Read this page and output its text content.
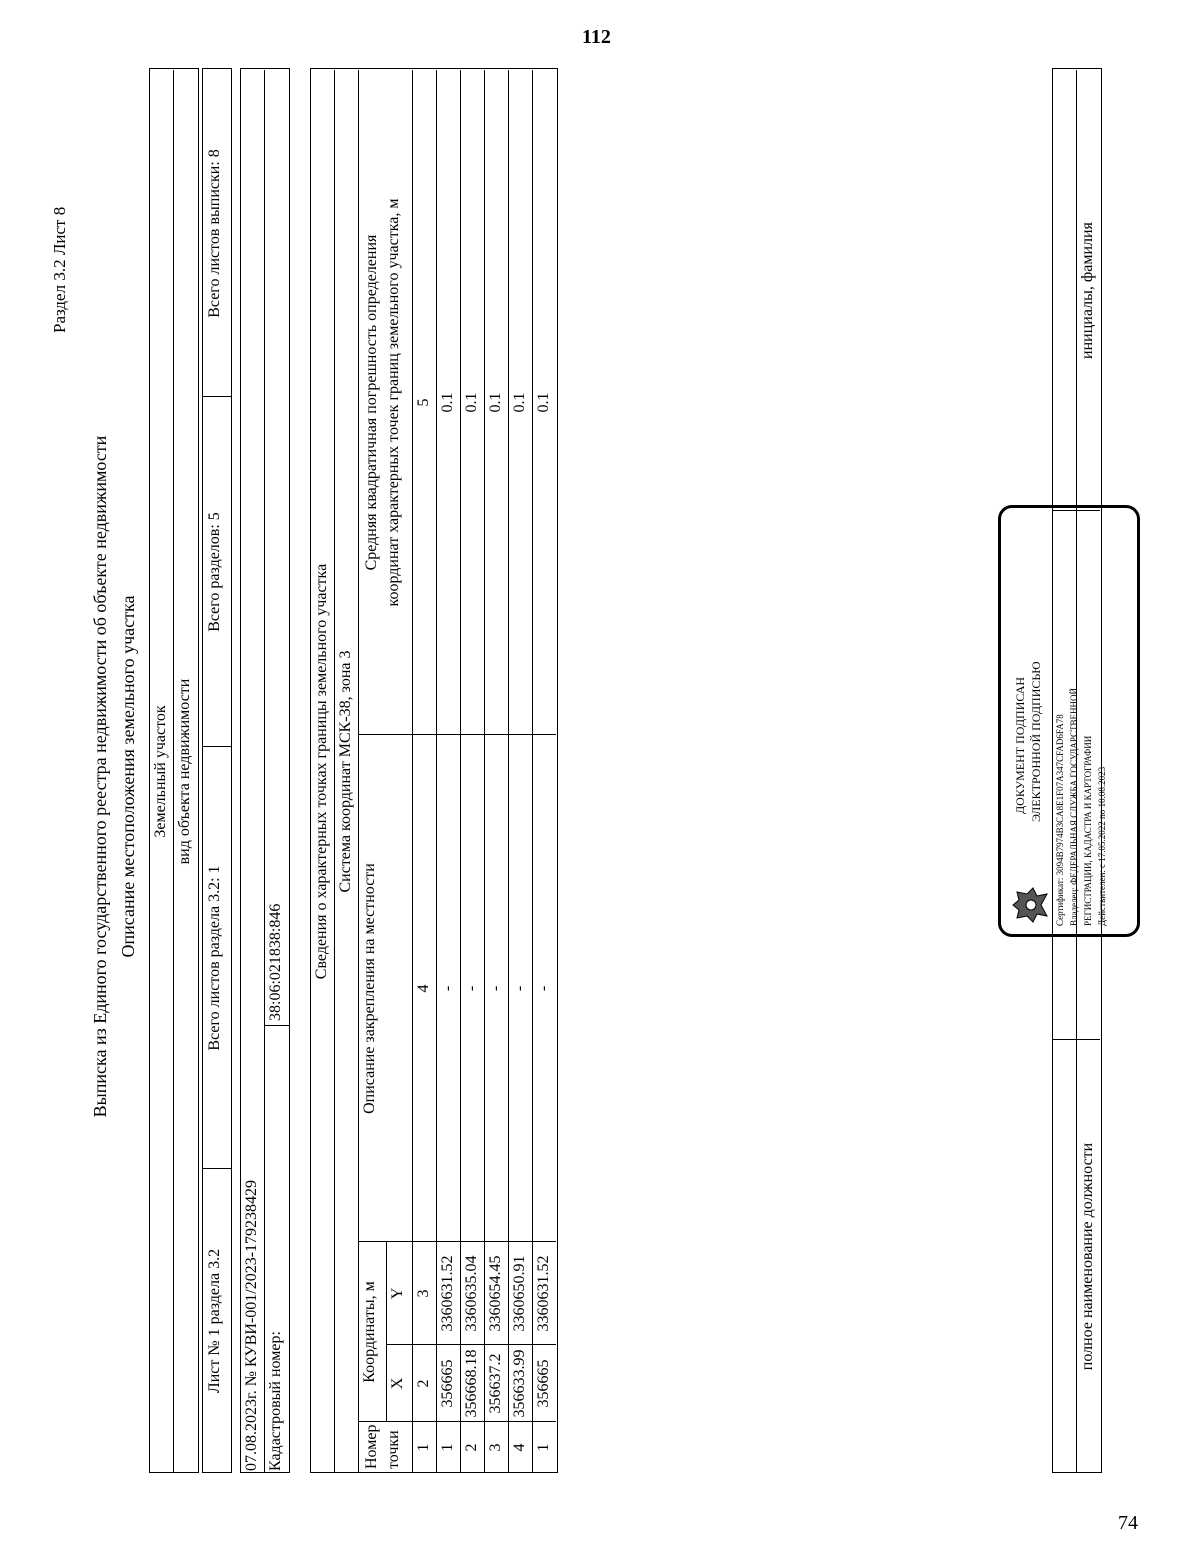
112
74
Раздел 3.2 Лист 8
Выписка из Единого государственного реестра недвижимости об объекте недвижимости Описание местоположения земельного участка Земельный участок вид объекта недвижимости
Лист № 1 раздела 3.2
Всего листов раздела 3.2: 1
Всего разделов: 5
Всего листов выписки: 8
07.08.2023г. № КУВИ-001/2023-179238429 Кадастровый номер:
38:06:021838:846 Сведения о характерных точках границы земельного участка Система координат МСК-38, зона 3
Номер точки
Координаты, м
X
Y
Описание закрепления на местности
Средняя квадратичная погрешность определения координат характерных точек границ земельного участка, м
1
2
3
4
5
1
356665
3360631.52
-
0.1
2
356668.18
3360635.04
-
0.1
3
356637.2
3360654.45
-
0.1
4
356633.99
3360650.91
-
0.1
1
356665
3360631.52
-
0.1
полное наименование должности
инициалы, фамилия
ДОКУМЕНТ ПОДПИСАН ЭЛЕКТРОННОЙ ПОДПИСЬЮ Сертификат: 3094B7974B3CA8E1F07A347CFAD6FA78 Владелец: ФЕДЕРАЛЬНАЯ СЛУЖБА ГОСУДАРСТВЕННОЙ РЕГИСТРАЦИИ, КАДАСТРА И КАРТОГРАФИИ Действителен: с 17.05.2022 по 10.08.2023
